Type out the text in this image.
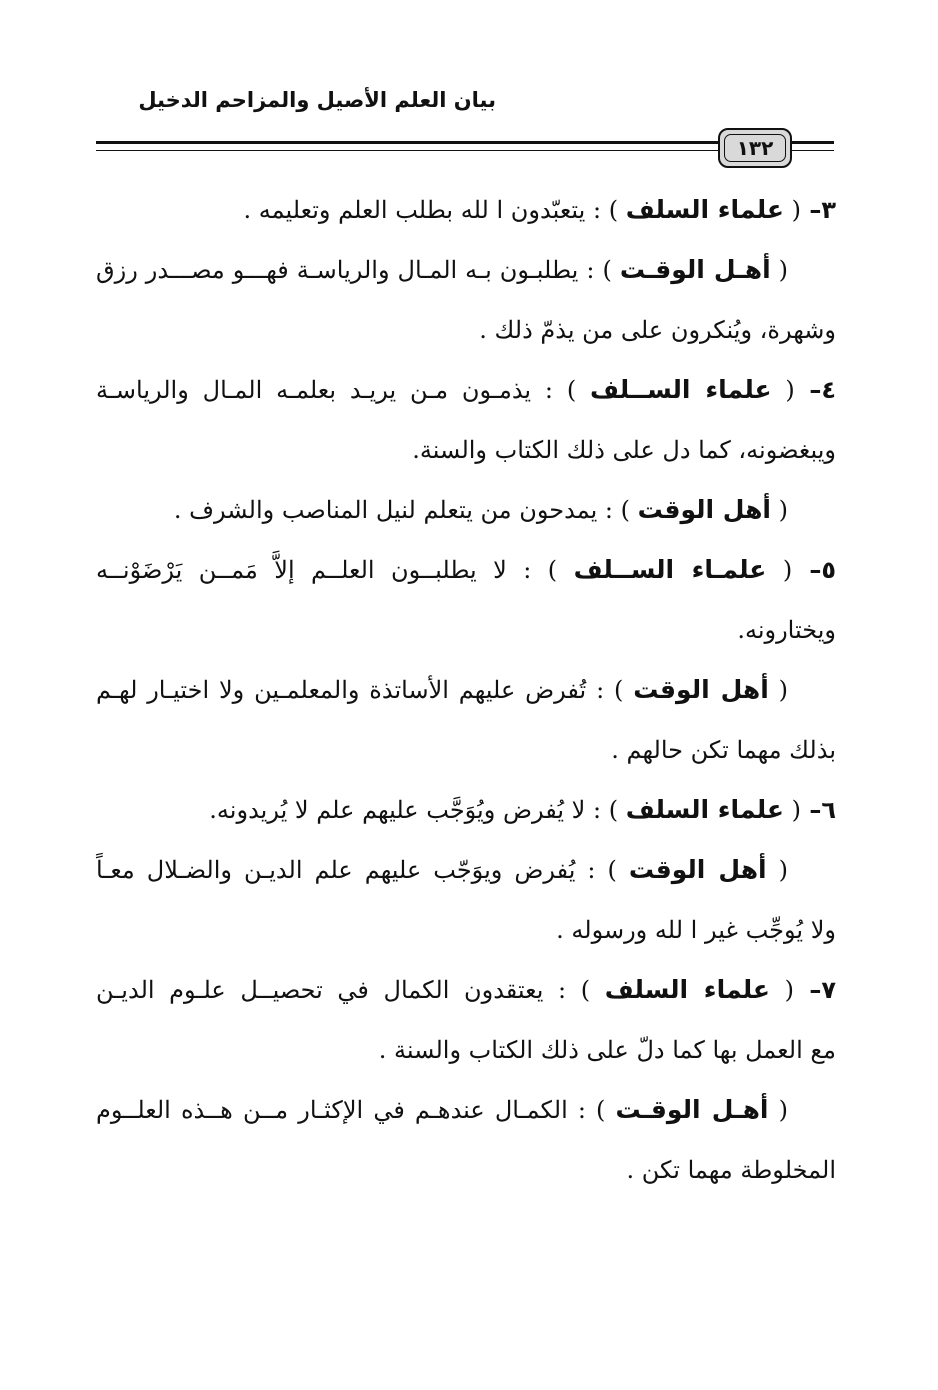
بيان العلم الأصيل والمزاحم الدخيل
١٣٢
٣– ( علماء السلف ) : يتعبّدون ا لله بطلب العلم وتعليمه .
( أهـل الوقـت ) : يطلبـون بـه المـال والرياسـة فهـــو مصـــدر رزق
وشهرة، ويُنكرون على من يذمّ ذلك .
٤– ( علماء الســلف ) : يذمـون مـن يريـد بعلمـه المـال والرياسـة
ويبغضونه، كما دل على ذلك الكتاب والسنة.
( أهل الوقت ) : يمدحون من يتعلم لنيل المناصب والشرف .
٥– ( علمـاء الســلف ) : لا يطلبــون العلــم إلاَّ مَمــن يَرْضَوْنــه
ويختارونه.
( أهل الوقت ) : تُفرض عليهم الأساتذة والمعلمـين ولا اختيـار لهـم
بذلك مهما تكن حالهم .
٦– ( علماء السلف ) : لا يُفرض ويُوَجَّب عليهم علم لا يُريدونه.
( أهل الوقت ) : يُفرض ويوَجّب عليهم علم الديـن والضـلال معـاً
ولا يُوجِّب غير ا لله ورسوله .
٧– ( علماء السلف ) : يعتقدون الكمال في تحصيــل علـوم الديـن
مع العمل بها كما دلّ على ذلك الكتاب والسنة .
( أهـل الوقـت ) : الكمـال عندهـم في الإكثـار مــن هــذه العلــوم
المخلوطة مهما تكن .
